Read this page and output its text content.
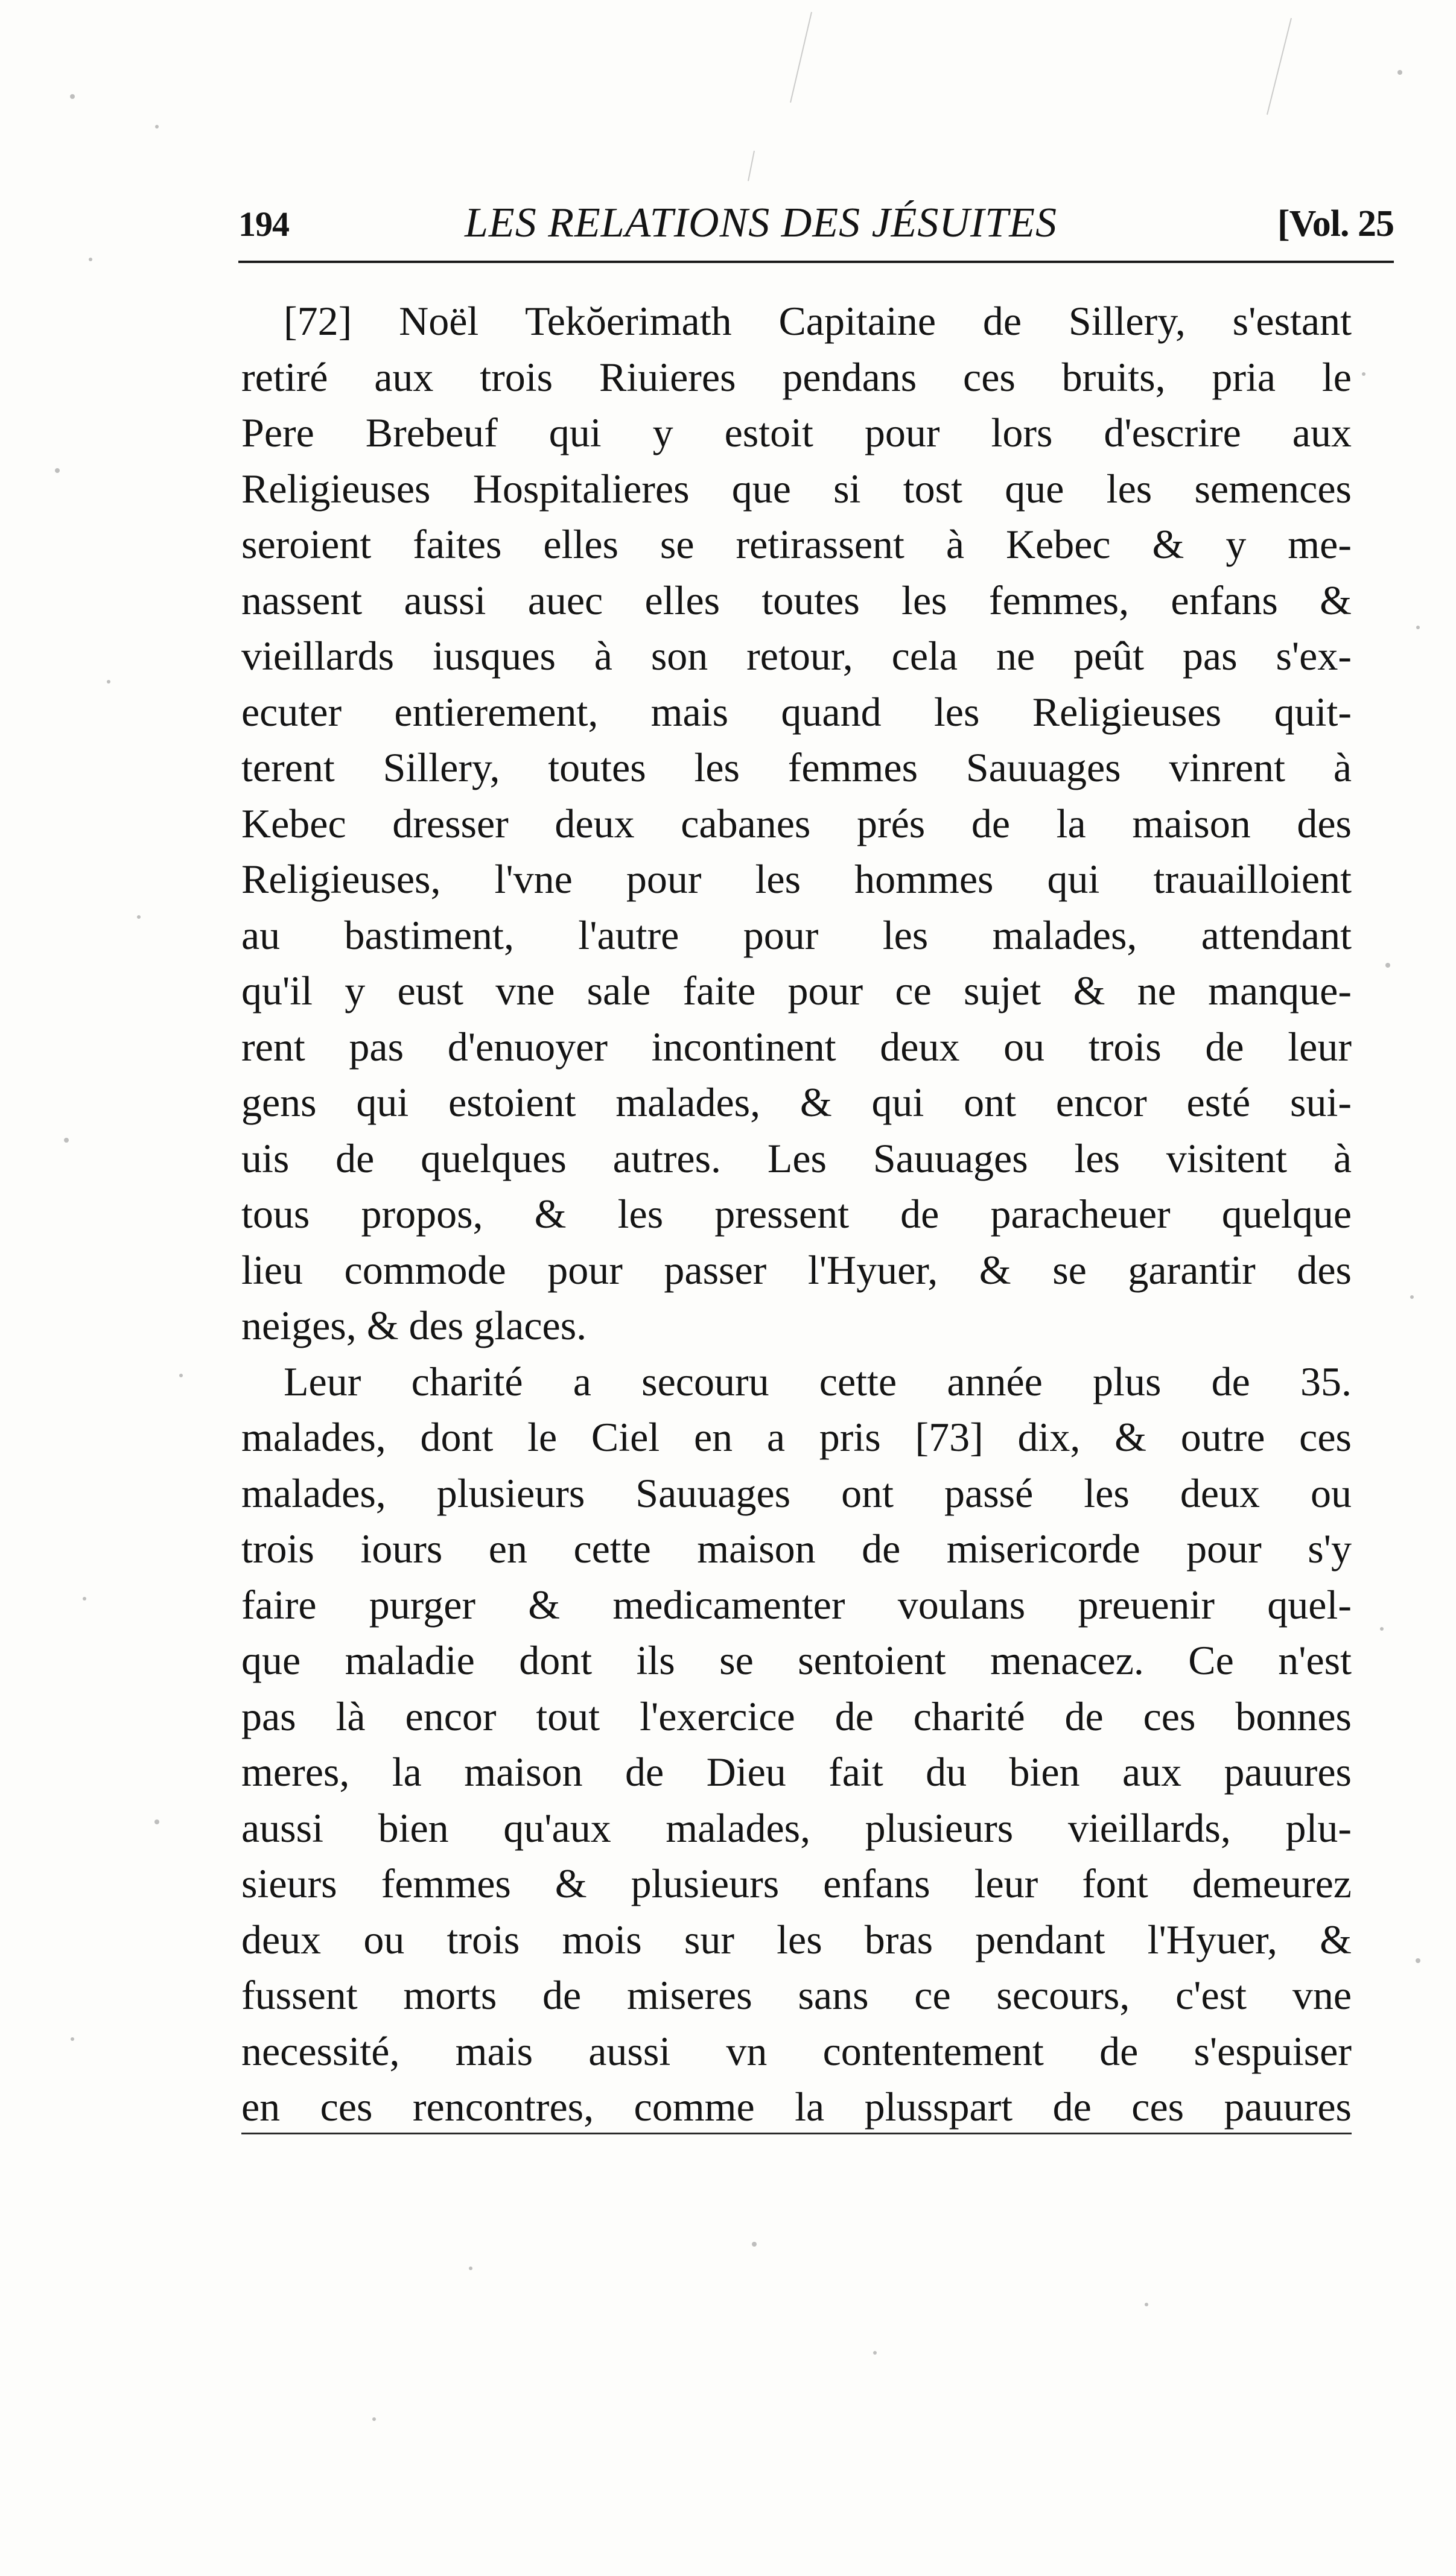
194	LES RELATIONS DES JÉSUITES	[Vol. 25
[72] Noël Tekŏerimath Capitaine de Sillery, s'estant
retiré aux trois Riuieres pendans ces bruits, pria le
Pere Brebeuf qui y estoit pour lors d'escrire aux
Religieuses Hospitalieres que si tost que les semences
seroient faites elles se retirassent à Kebec & y me-
nassent aussi auec elles toutes les femmes, enfans &
vieillards iusques à son retour, cela ne peût pas s'ex-
ecuter entierement, mais quand les Religieuses quit-
terent Sillery, toutes les femmes Sauuages vinrent à
Kebec dresser deux cabanes prés de la maison des
Religieuses, l'vne pour les hommes qui trauailloient
au bastiment, l'autre pour les malades, attendant
qu'il y eust vne sale faite pour ce sujet & ne manque-
rent pas d'enuoyer incontinent deux ou trois de leur
gens qui estoient malades, & qui ont encor esté sui-
uis de quelques autres. Les Sauuages les visitent à
tous propos, & les pressent de paracheuer quelque
lieu commode pour passer l'Hyuer, & se garantir des
neiges, & des glaces.
Leur charité a secouru cette année plus de 35.
malades, dont le Ciel en a pris [73] dix, & outre ces
malades, plusieurs Sauuages ont passé les deux ou
trois iours en cette maison de misericorde pour s'y
faire purger & medicamenter voulans preuenir quel-
que maladie dont ils se sentoient menacez. Ce n'est
pas là encor tout l'exercice de charité de ces bonnes
meres, la maison de Dieu fait du bien aux pauures
aussi bien qu'aux malades, plusieurs vieillards, plu-
sieurs femmes & plusieurs enfans leur font demeurez
deux ou trois mois sur les bras pendant l'Hyuer, &
fussent morts de miseres sans ce secours, c'est vne
necessité, mais aussi vn contentement de s'espuiser
en ces rencontres, comme la plusspart de ces pauures
